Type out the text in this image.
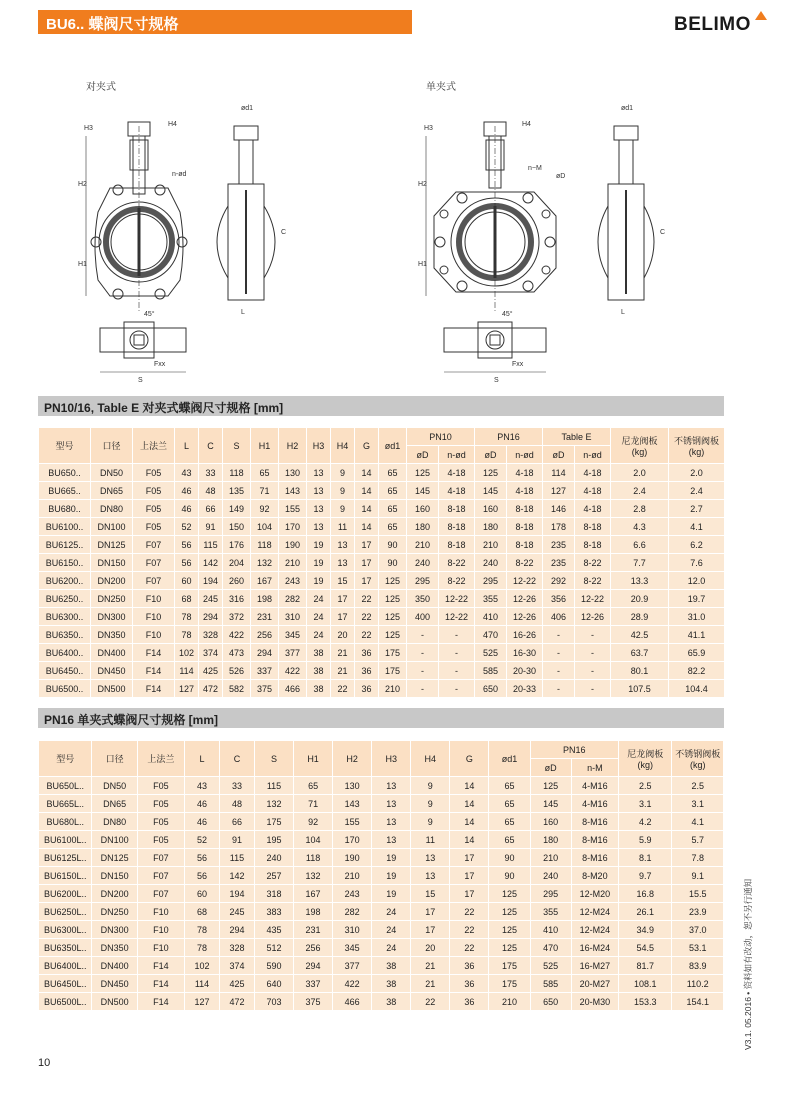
BU6.. 蝶阀尺寸规格	BELIMO
对夹式	单夹式
H2
H1
H3
H4
n-ød
ød1
C
L
S
Fxx
45°
H2
H1
H3
H4
n−M
øD
ød1
C
L
S
Fxx
45°
PN10/16, Table E 对夹式蝶阀尺寸规格 [mm]
型号	口径	上法兰	L	C	S	H1	H2	H3	H4	G	ød1	PN10		PN16		Table E		尼龙阀板
(kg)	不锈钢阀板
(kg)
												øD	n-ød	øD	n-ød	øD	n-ød		
BU650..	DN50	F05	43	33	118	65	130	13	9	14	65	125	4-18	125	4-18	114	4-18	2.0	2.0
BU665..	DN65	F05	46	48	135	71	143	13	9	14	65	145	4-18	145	4-18	127	4-18	2.4	2.4
BU680..	DN80	F05	46	66	149	92	155	13	9	14	65	160	8-18	160	8-18	146	4-18	2.8	2.7
BU6100..	DN100	F05	52	91	150	104	170	13	11	14	65	180	8-18	180	8-18	178	8-18	4.3	4.1
BU6125..	DN125	F07	56	115	176	118	190	19	13	17	90	210	8-18	210	8-18	235	8-18	6.6	6.2
BU6150..	DN150	F07	56	142	204	132	210	19	13	17	90	240	8-22	240	8-22	235	8-22	7.7	7.6
BU6200..	DN200	F07	60	194	260	167	243	19	15	17	125	295	8-22	295	12-22	292	8-22	13.3	12.0
BU6250..	DN250	F10	68	245	316	198	282	24	17	22	125	350	12-22	355	12-26	356	12-22	20.9	19.7
BU6300..	DN300	F10	78	294	372	231	310	24	17	22	125	400	12-22	410	12-26	406	12-26	28.9	31.0
BU6350..	DN350	F10	78	328	422	256	345	24	20	22	125	-	-	470	16-26	-	-	42.5	41.1
BU6400..	DN400	F14	102	374	473	294	377	38	21	36	175	-	-	525	16-30	-	-	63.7	65.9
BU6450..	DN450	F14	114	425	526	337	422	38	21	36	175	-	-	585	20-30	-	-	80.1	82.2
BU6500..	DN500	F14	127	472	582	375	466	38	22	36	210	-	-	650	20-33	-	-	107.5	104.4
PN16 单夹式蝶阀尺寸规格 [mm]
型号	口径	上法兰	L	C	S	H1	H2	H3	H4	G	ød1	PN16		尼龙阀板
(kg)	不锈钢阀板
(kg)
												øD	n-M		
BU650L..	DN50	F05	43	33	115	65	130	13	9	14	65	125	4-M16	2.5	2.5
BU665L..	DN65	F05	46	48	132	71	143	13	9	14	65	145	4-M16	3.1	3.1
BU680L..	DN80	F05	46	66	175	92	155	13	9	14	65	160	8-M16	4.2	4.1
BU6100L..	DN100	F05	52	91	195	104	170	13	11	14	65	180	8-M16	5.9	5.7
BU6125L..	DN125	F07	56	115	240	118	190	19	13	17	90	210	8-M16	8.1	7.8
BU6150L..	DN150	F07	56	142	257	132	210	19	13	17	90	240	8-M20	9.7	9.1
BU6200L..	DN200	F07	60	194	318	167	243	19	15	17	125	295	12-M20	16.8	15.5
BU6250L..	DN250	F10	68	245	383	198	282	24	17	22	125	355	12-M24	26.1	23.9
BU6300L..	DN300	F10	78	294	435	231	310	24	17	22	125	410	12-M24	34.9	37.0
BU6350L..	DN350	F10	78	328	512	256	345	24	20	22	125	470	16-M24	54.5	53.1
BU6400L..	DN400	F14	102	374	590	294	377	38	21	36	175	525	16-M27	81.7	83.9
BU6450L..	DN450	F14	114	425	640	337	422	38	21	36	175	585	20-M27	108.1	110.2
BU6500L..	DN500	F14	127	472	703	375	466	38	22	36	210	650	20-M30	153.3	154.1
10
V3.1. 05.2016 • 资料如有改动，恕不另行通知
